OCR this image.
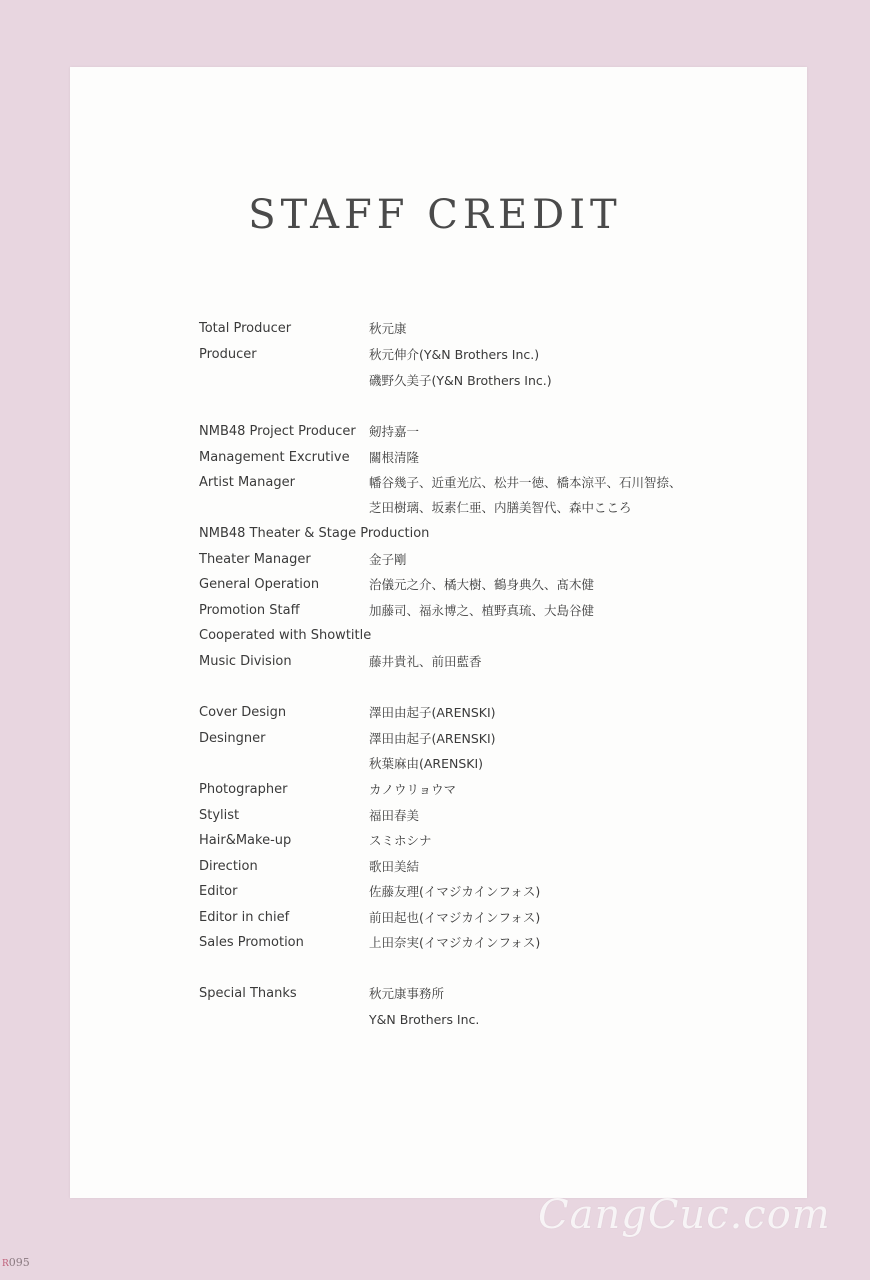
STAFF CREDIT
Total Producer	秋元康
Producer	秋元伸介(Y&N Brothers Inc.)
磯野久美子(Y&N Brothers Inc.)
NMB48 Project Producer 剱持嘉一
Management Excrutive 關根清隆
Artist Manager	幡谷幾子、近重光広、松井一徳、橋本涼平、石川智捺、
芝田樹璃、坂素仁亜、内膳美智代、森中こころ
NMB48 Theater & Stage Production
Theater Manager	金子剛
General Operation	治儀元之介、橘大樹、鶴身典久、髙木健
Promotion Staff	加藤司、福永博之、植野真琉、大島谷健
Cooperated with Showtitle
Music Division	藤井貴礼、前田藍香
Cover Design	澤田由起子(ARENSKI)
Desingner	澤田由起子(ARENSKI)
秋葉麻由(ARENSKI)
Photographer	カノウリョウマ
Stylist	福田春美
Hair&Make-up	スミホシナ
Direction	歌田美結
Editor	佐藤友理(イマジカインフォス)
Editor in chief	前田起也(イマジカインフォス)
Sales Promotion	上田奈実(イマジカインフォス)
Special Thanks	秋元康事務所
Y&N Brothers Inc.
R095
CangCuc.com
